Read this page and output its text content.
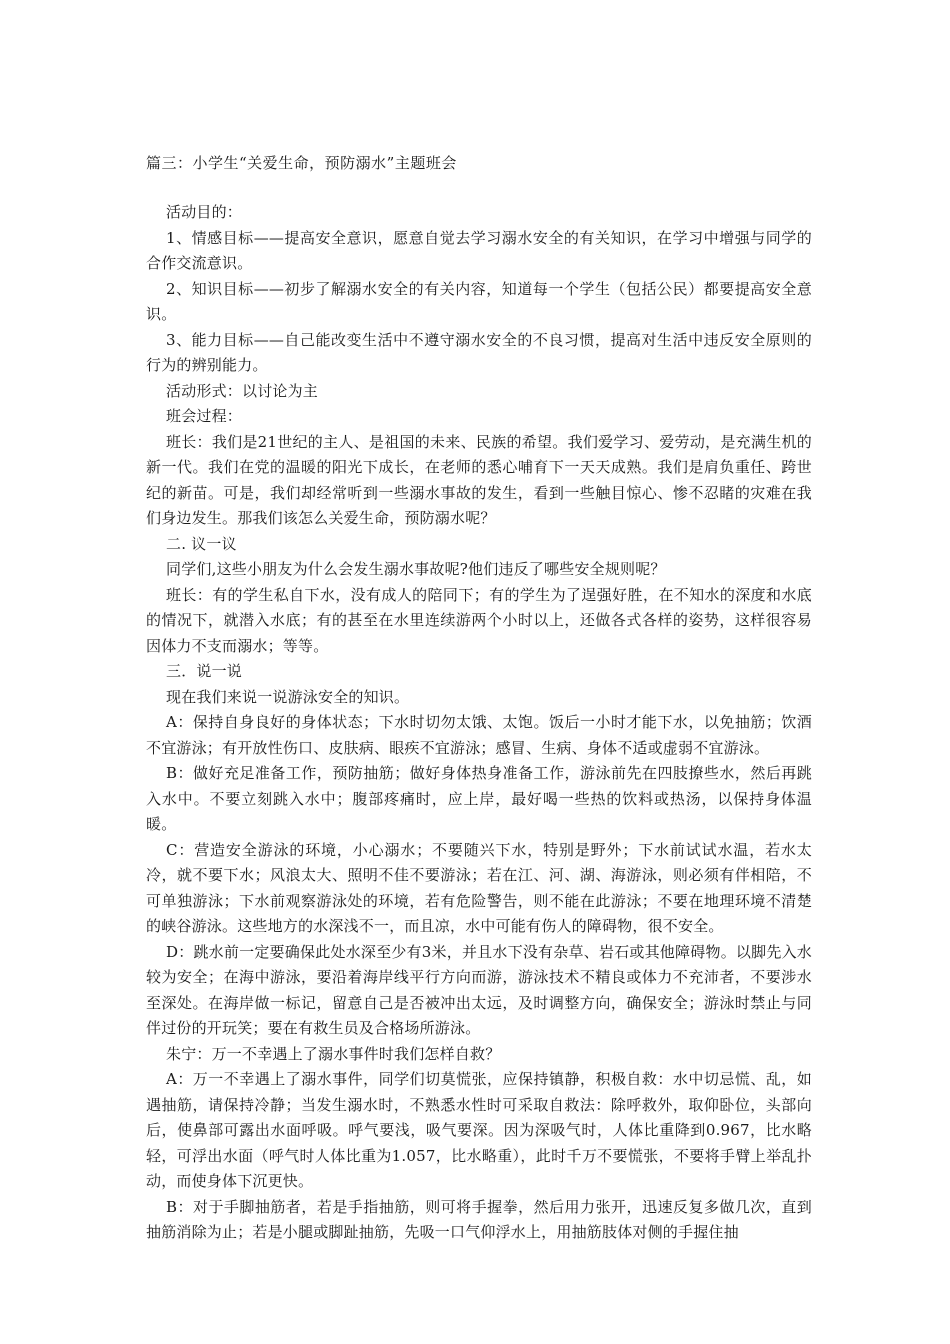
篇三：小学生“关爱生命，预防溺水”主题班会

活动目的：

1、情感目标——提高安全意识，愿意自觉去学习溺水安全的有关知识，在学习中增强与同学的合作交流意识。

2、知识目标——初步了解溺水安全的有关内容，知道每一个学生（包括公民）都要提高安全意识。

3、能力目标——自己能改变生活中不遵守溺水安全的不良习惯，提高对生活中违反安全原则的行为的辨别能力。

活动形式：以讨论为主

班会过程：

班长：我们是21世纪的主人、是祖国的未来、民族的希望。我们爱学习、爱劳动，是充满生机的新一代。我们在党的温暖的阳光下成长，在老师的悉心哺育下一天天成熟。我们是肩负重任、跨世纪的新苗。可是，我们却经常听到一些溺水事故的发生，看到一些触目惊心、惨不忍睹的灾难在我们身边发生。那我们该怎么关爱生命，预防溺水呢？

二. 议一议

同学们,这些小朋友为什么会发生溺水事故呢?他们违反了哪些安全规则呢？

班长：有的学生私自下水，没有成人的陪同下；有的学生为了逞强好胜，在不知水的深度和水底的情况下，就潜入水底；有的甚至在水里连续游两个小时以上，还做各式各样的姿势，这样很容易因体力不支而溺水；等等。

三．说一说

现在我们来说一说游泳安全的知识。

A：保持自身良好的身体状态；下水时切勿太饿、太饱。饭后一小时才能下水，以免抽筋；饮酒不宜游泳；有开放性伤口、皮肤病、眼疾不宜游泳；感冒、生病、身体不适或虚弱不宜游泳。

B：做好充足准备工作，预防抽筋；做好身体热身准备工作，游泳前先在四肢撩些水，然后再跳入水中。不要立刻跳入水中；腹部疼痛时，应上岸，最好喝一些热的饮料或热汤，以保持身体温暖。

C：营造安全游泳的环境，小心溺水；不要随兴下水，特别是野外；下水前试试水温，若水太冷，就不要下水；风浪太大、照明不佳不要游泳；若在江、河、湖、海游泳，则必须有伴相陪，不可单独游泳；下水前观察游泳处的环境，若有危险警告，则不能在此游泳；不要在地理环境不清楚的峡谷游泳。这些地方的水深浅不一，而且凉，水中可能有伤人的障碍物，很不安全。

D：跳水前一定要确保此处水深至少有3米，并且水下没有杂草、岩石或其他障碍物。以脚先入水较为安全；在海中游泳，要沿着海岸线平行方向而游，游泳技术不精良或体力不充沛者，不要涉水至深处。在海岸做一标记，留意自己是否被冲出太远，及时调整方向，确保安全；游泳时禁止与同伴过份的开玩笑；要在有救生员及合格场所游泳。

朱宁：万一不幸遇上了溺水事件时我们怎样自救？

A：万一不幸遇上了溺水事件，同学们切莫慌张，应保持镇静，积极自救：水中切忌慌、乱，如遇抽筋，请保持冷静；当发生溺水时，不熟悉水性时可采取自救法：除呼救外，取仰卧位，头部向后，使鼻部可露出水面呼吸。呼气要浅，吸气要深。因为深吸气时，人体比重降到0.967，比水略轻，可浮出水面（呼气时人体比重为1.057，比水略重），此时千万不要慌张，不要将手臂上举乱扑动，而使身体下沉更快。

B：对于手脚抽筋者，若是手指抽筋，则可将手握拳，然后用力张开，迅速反复多做几次，直到抽筋消除为止；若是小腿或脚趾抽筋，先吸一口气仰浮水上，用抽筋肢体对侧的手握住抽
